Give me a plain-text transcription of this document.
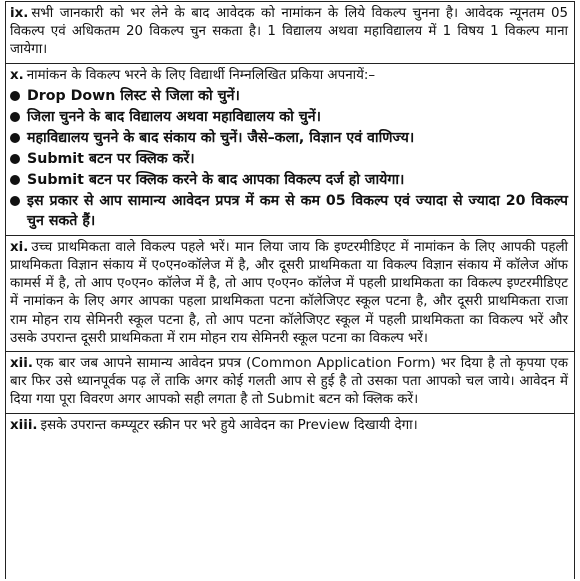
ix. सभी जानकारी को भर लेने के बाद आवेदक को नामांकन के लिये विकल्प चुनना है। आवेदक न्यूनतम 05 विकल्प एवं अधिकतम 20 विकल्प चुन सकता है। 1 विद्यालय अथवा महाविद्यालय में 1 विषय 1 विकल्प माना जायेगा।

x. नामांकन के विकल्प भरने के लिए विद्यार्थी निम्नलिखित प्रकिया अपनायें:–

Drop Down लिस्ट से जिला को चुनें।
जिला चुनने के बाद विद्यालय अथवा महाविद्यालय को चुनें।
महाविद्यालय चुनने के बाद संकाय को चुनें। जैसे–कला, विज्ञान एवं वाणिज्य।
Submit बटन पर क्लिक करें।
Submit बटन पर क्लिक करने के बाद आपका विकल्प दर्ज हो जायेगा।
इस प्रकार से आप सामान्य आवेदन प्रपत्र में कम से कम 05 विकल्प एवं ज्यादा से ज्यादा 20 विकल्प चुन सकते हैं।

xi. उच्च प्राथमिकता वाले विकल्प पहले भरें। मान लिया जाय कि इण्टरमीडिएट में नामांकन के लिए आपकी पहली प्राथमिकता विज्ञान संकाय में ए०एन०कॉलेज में है, और दूसरी प्राथमिकता या विकल्प विज्ञान संकाय में कॉलेज ऑफ कामर्स में है, तो आप ए०एन० कॉलेज में है, तो आप ए०एन० कॉलेज में पहली प्राथमिकता का विकल्प इण्टरमीडिएट में नामांकन के लिए अगर आपका पहला प्राथमिकता पटना कॉलेजिएट स्कूल पटना है, और दूसरी प्राथमिकता राजा राम मोहन राय सेमिनरी स्कूल पटना है, तो आप पटना कॉलेजिएट स्कूल में पहली प्राथमिकता का विकल्प भरें और उसके उपरान्त दूसरी प्राथमिकता में राम मोहन राय सेमिनरी स्कूल पटना का विकल्प भरें।

xii. एक बार जब आपने सामान्य आवेदन प्रपत्र (Common Application Form) भर दिया है तो कृपया एक बार फिर उसे ध्यानपूर्वक पढ़ लें ताकि अगर कोई गलती आप से हुई है तो उसका पता आपको चल जाये। आवेदन में दिया गया पूरा विवरण अगर आपको सही लगता है तो Submit बटन को क्लिक करें।

xiii. इसके उपरान्त कम्प्यूटर स्क्रीन पर भरे हुये आवेदन का Preview दिखायी देगा।
